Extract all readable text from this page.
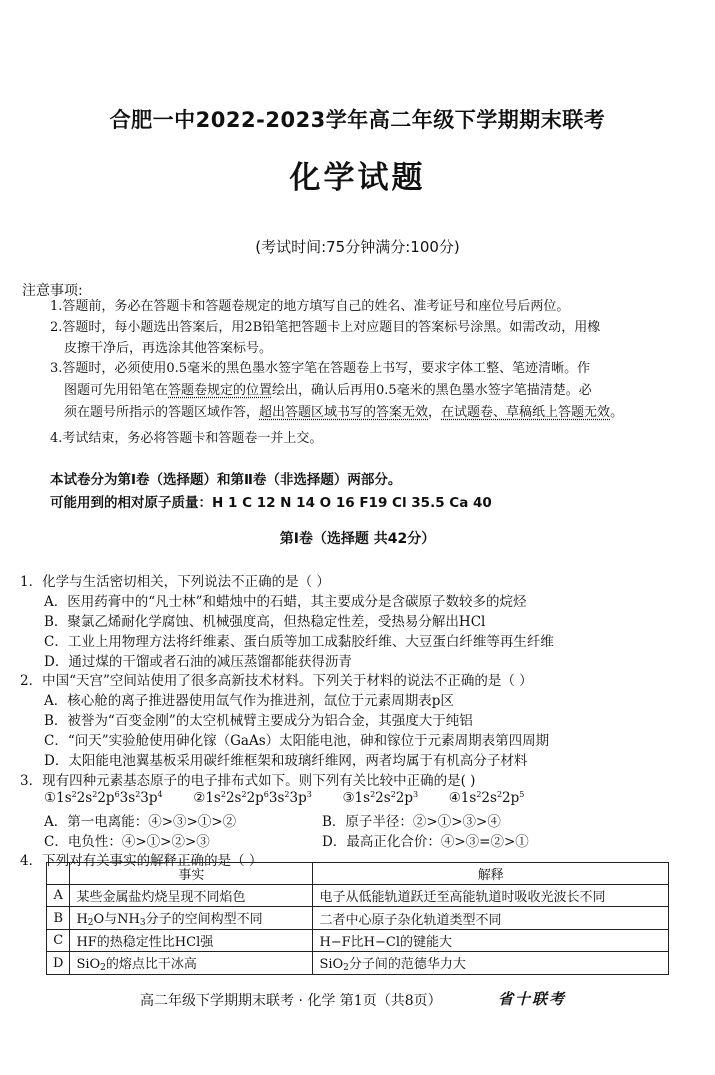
合肥一中2022-2023学年高二年级下学期期末联考
化学试题
(考试时间:75分钟满分:100分)
注意事项:
1.答题前，务必在答题卡和答题卷规定的地方填写自己的姓名、准考证号和座位号后两位。
2.答题时，每小题选出答案后，用2B铅笔把答题卡上对应题目的答案标号涂黑。如需改动，用橡
皮擦干净后，再选涂其他答案标号。
3.答题时，必须使用0.5毫米的黑色墨水签字笔在答题卷上书写，要求字体工整、笔迹清晰。作
图题可先用铅笔在答题卷规定的位置绘出，确认后再用0.5毫米的黑色墨水签字笔描清楚。必
须在题号所指示的答题区域作答，超出答题区域书写的答案无效，在试题卷、草稿纸上答题无效。
4.考试结束，务必将答题卡和答题卷一并上交。
本试卷分为第Ⅰ卷（选择题）和第Ⅱ卷（非选择题）两部分。
可能用到的相对原子质量：H 1 C 12 N 14 O 16 F19 Cl 35.5 Ca 40
第Ⅰ卷（选择题 共42分）
1．化学与生活密切相关，下列说法不正确的是（ ）
A．医用药膏中的“凡士林”和蜡烛中的石蜡，其主要成分是含碳原子数较多的烷烃
B．聚氯乙烯耐化学腐蚀、机械强度高，但热稳定性差，受热易分解出HCl
C．工业上用物理方法将纤维素、蛋白质等加工成黏胶纤维、大豆蛋白纤维等再生纤维
D．通过煤的干馏或者石油的减压蒸馏都能获得沥青
2．中国“天宫”空间站使用了很多高新技术材料。下列关于材料的说法不正确的是（ ）
A．核心舱的离子推进器使用氙气作为推进剂，氙位于元素周期表p区
B．被誉为“百变金刚”的太空机械臂主要成分为铝合金，其强度大于纯铝
C．“问天”实验舱使用砷化镓（GaAs）太阳能电池，砷和镓位于元素周期表第四周期
D．太阳能电池翼基板采用碳纤维框架和玻璃纤维网，两者均属于有机高分子材料
3．现有四种元素基态原子的电子排布式如下。则下列有关比较中正确的是( )
$①1s^22s^22p^63s^23p^4$ $②1s^22s^22p^63s^23p^3$ $③1s^22s^22p^3$ $④1s^22s^22p^5$
A．第一电离能：④>③>①>②	B．原子半径：②>①>③>④
C．电负性：④>①>②>③	D．最高正化合价：④>③=②>①
4．下列对有关事实的解释正确的是（ ）
	事实	解释
A	某些金属盐灼烧呈现不同焰色	电子从低能轨道跃迁至高能轨道时吸收光波长不同
B	$H_2O$与$NH_3$分子的空间构型不同	二者中心原子杂化轨道类型不同
C	HF的热稳定性比HCl强	H−F比H−Cl的键能大
D	SiO$_2$的熔点比干冰高	SiO$_2$分子间的范德华力大
高二年级下学期期末联考 · 化学 第1页（共8页）	省十联考
